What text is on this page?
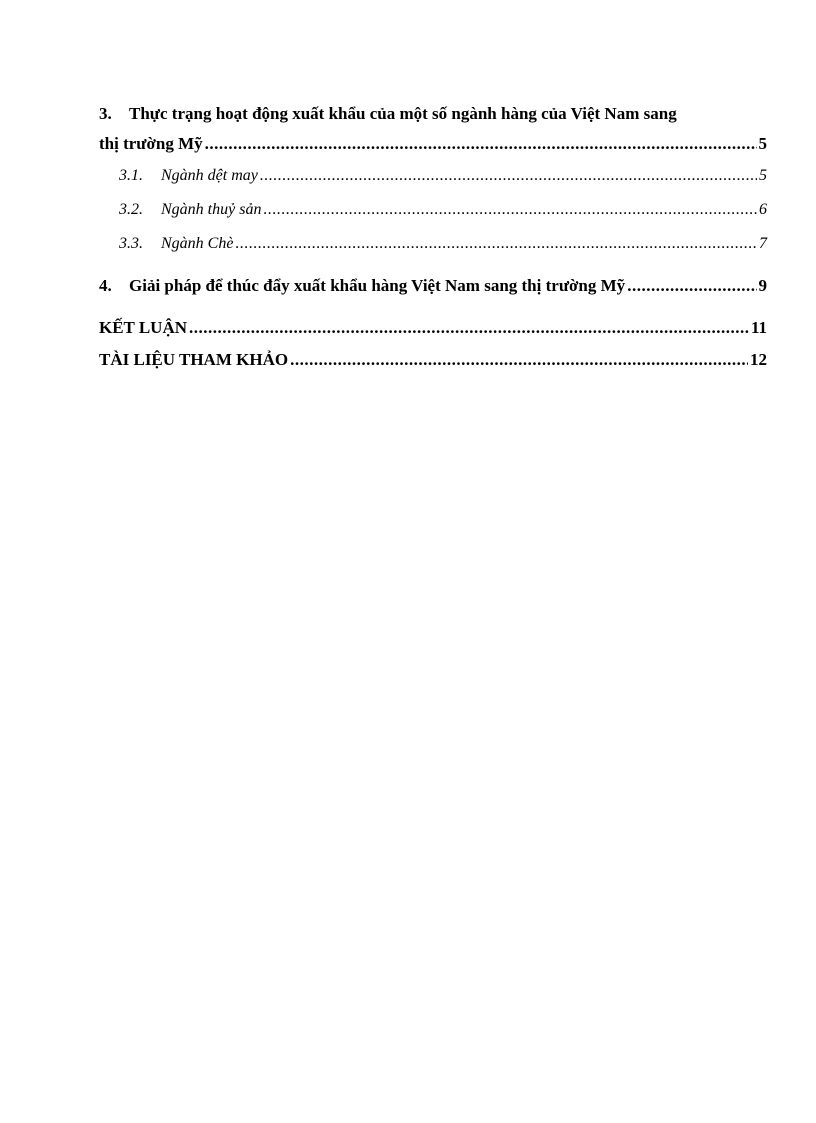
3. Thực trạng hoạt động xuất khẩu của một số ngành hàng của Việt Nam sang
thị trường Mỹ .....	5
3.1. Ngành dệt may .....	5
3.2. Ngành thuỷ sản .....	6
3.3. Ngành Chè .....	7
4. Giải pháp để thúc đẩy xuất khẩu hàng Việt Nam sang thị trường Mỹ .....	9
KẾT LUẬN .....	11
TÀI LIỆU THAM KHẢO .....	12
